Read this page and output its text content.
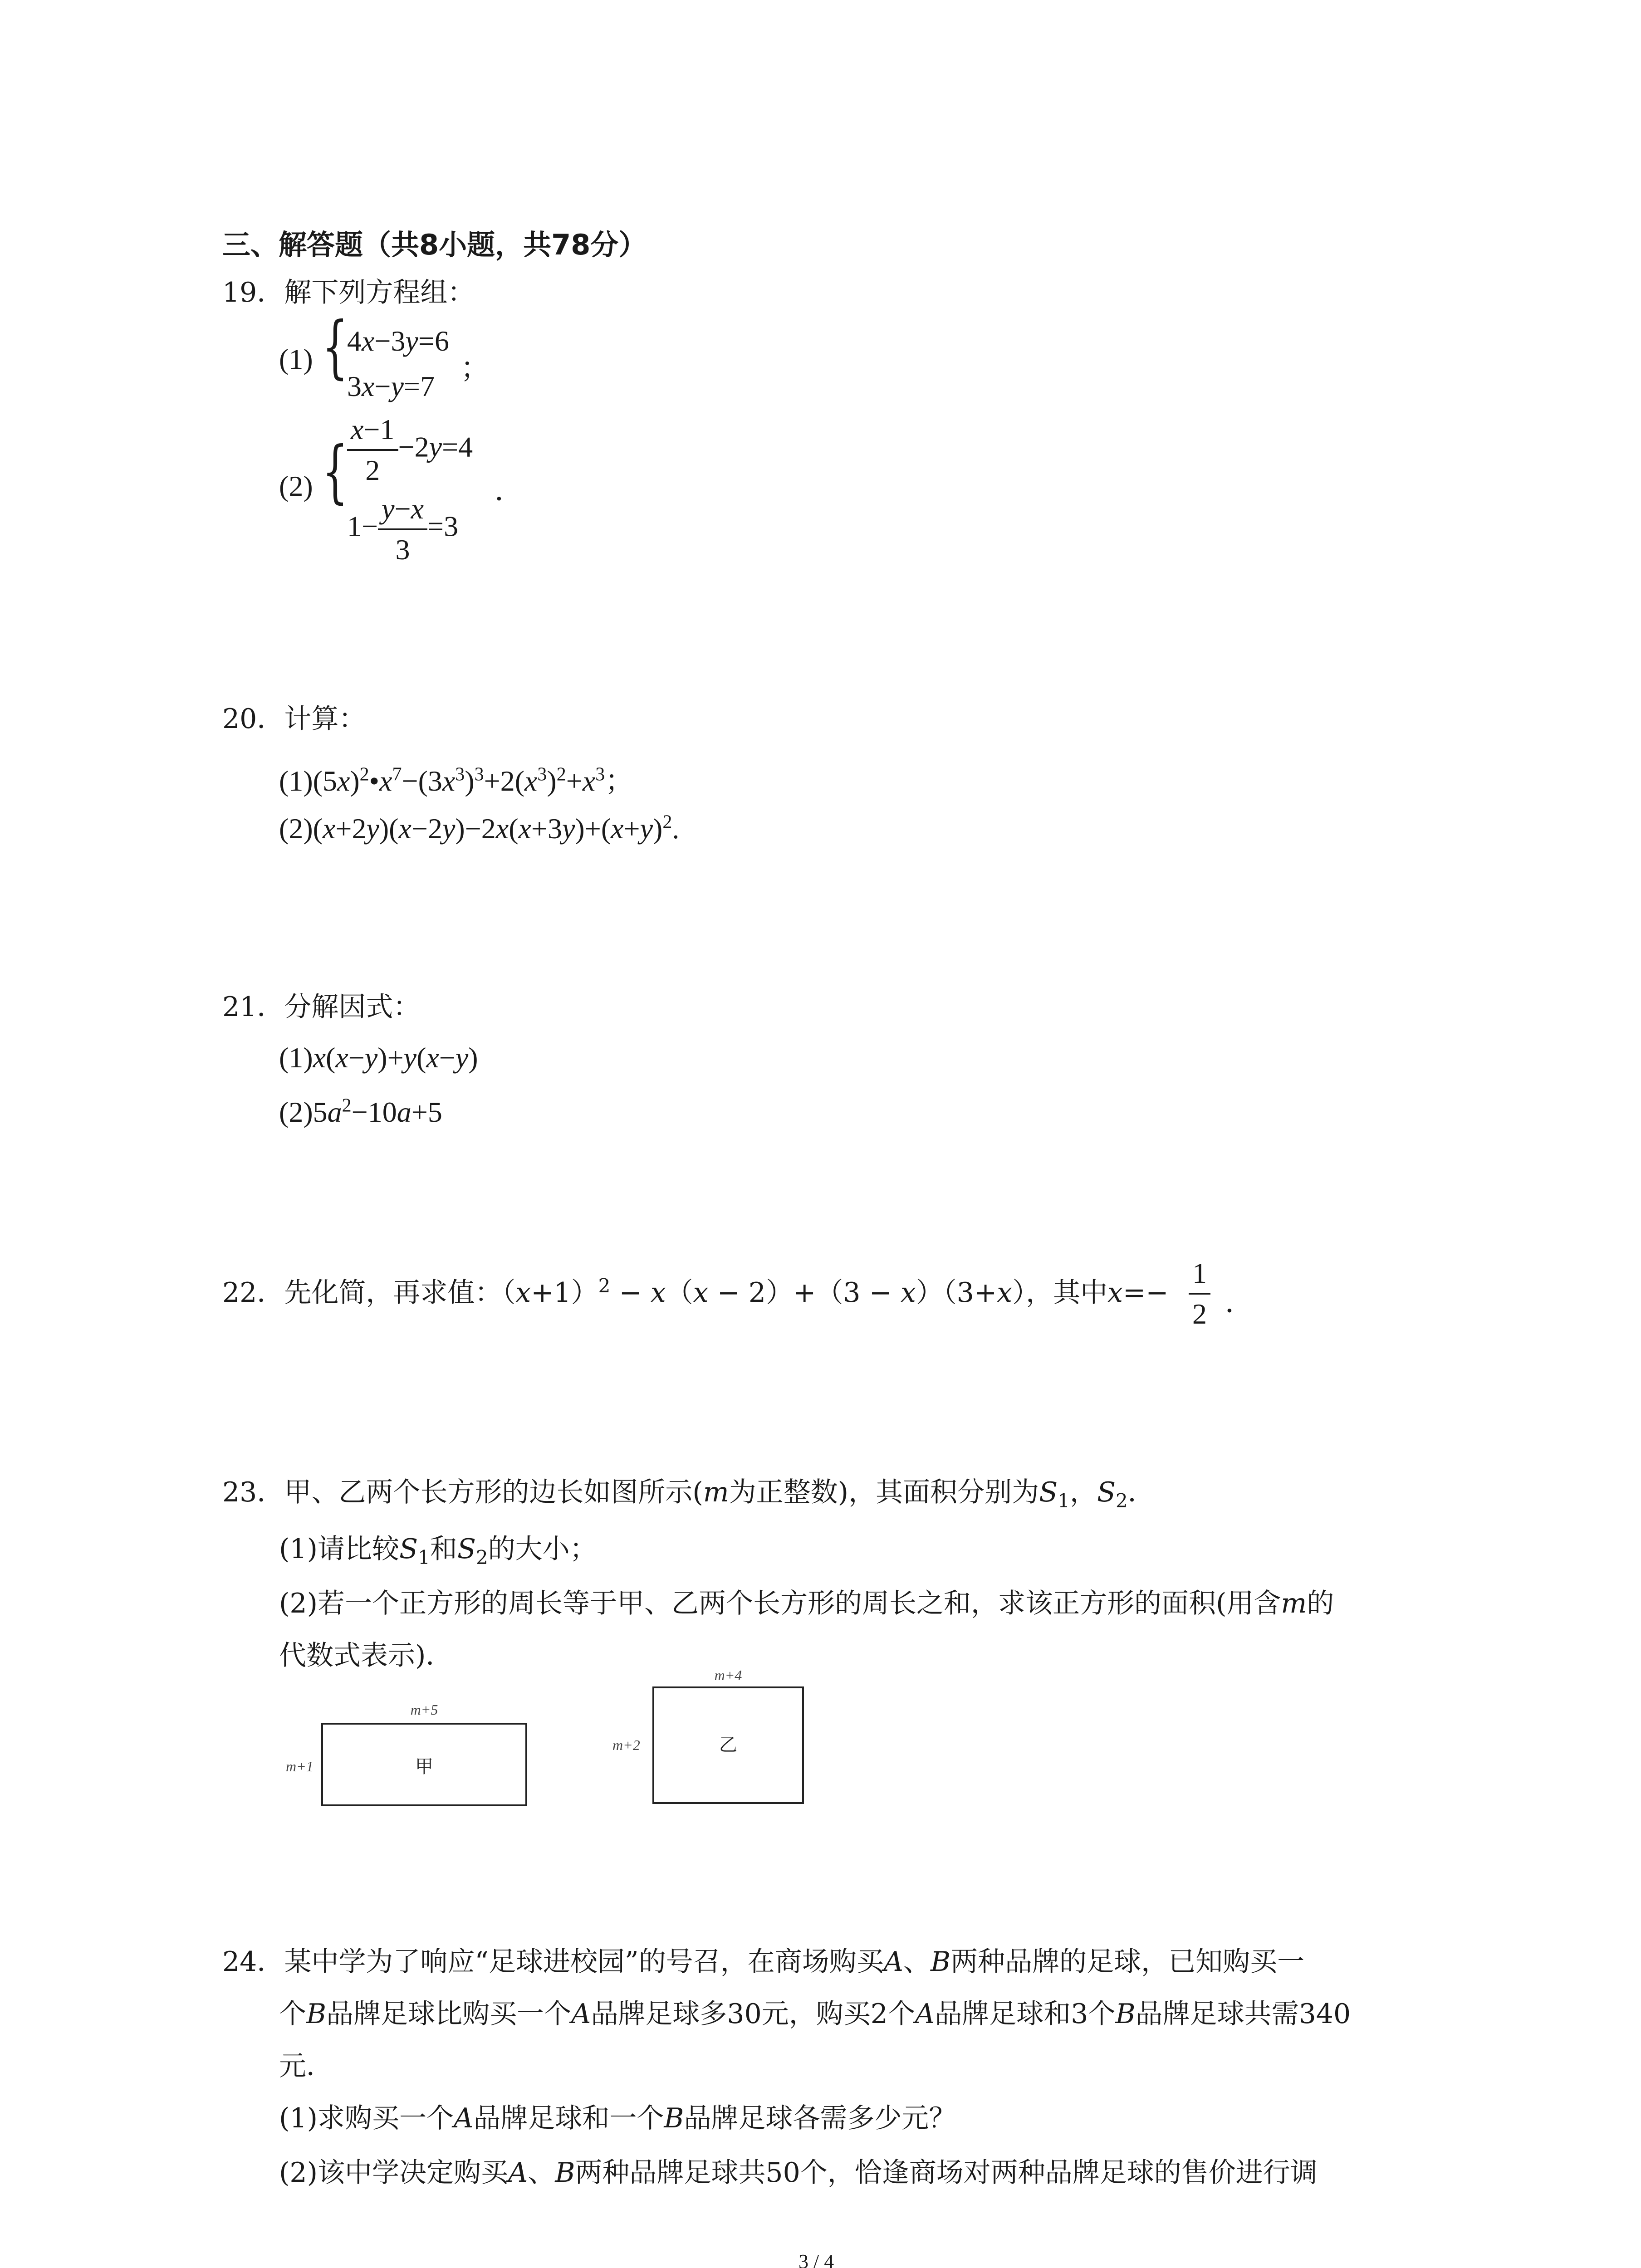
三、解答题（共8小题，共78分）
19．解下列方程组：
(1) {
4x−3y=6
3x−y=7
；
(2) {
$\frac{x-1}{2} -2y=4$
$1- \frac{y-x}{3} =3$
．
20．计算：
$(1)(5x)^2•x^7-(3x^3)^3+2(x^3)^2+x^3$；
$(2)(x+2y)(x-2y)-2x(x+3y)+(x+y)^2$.
21．分解因式：
(1)x(x−y)+y(x−y)
$(2)5a^2-10a+5$
22．先化简，再求值：$(x+1)^2 - x(x - 2)+(3 - x)(3+x)$，其中$x=- \frac{1}{2}$ ．
23．甲、乙两个长方形的边长如图所示(m为正整数)，其面积分别为$S_1$，$S_2$．
(1)请比较$S_1$和$S_2$的大小；
(2)若一个正方形的周长等于甲、乙两个长方形的周长之和，求该正方形的面积(用含m的
代数式表示)．
甲
m+5
m+1
乙
m+4
m+2
24．某中学为了响应“足球进校园”的号召，在商场购买A、B两种品牌的足球，已知购买一
个B品牌足球比购买一个A品牌足球多30元，购买2个A品牌足球和3个B品牌足球共需340
元．
(1)求购买一个A品牌足球和一个B品牌足球各需多少元？
(2)该中学决定购买A、B两种品牌足球共50个，恰逢商场对两种品牌足球的售价进行调
3 / 4
